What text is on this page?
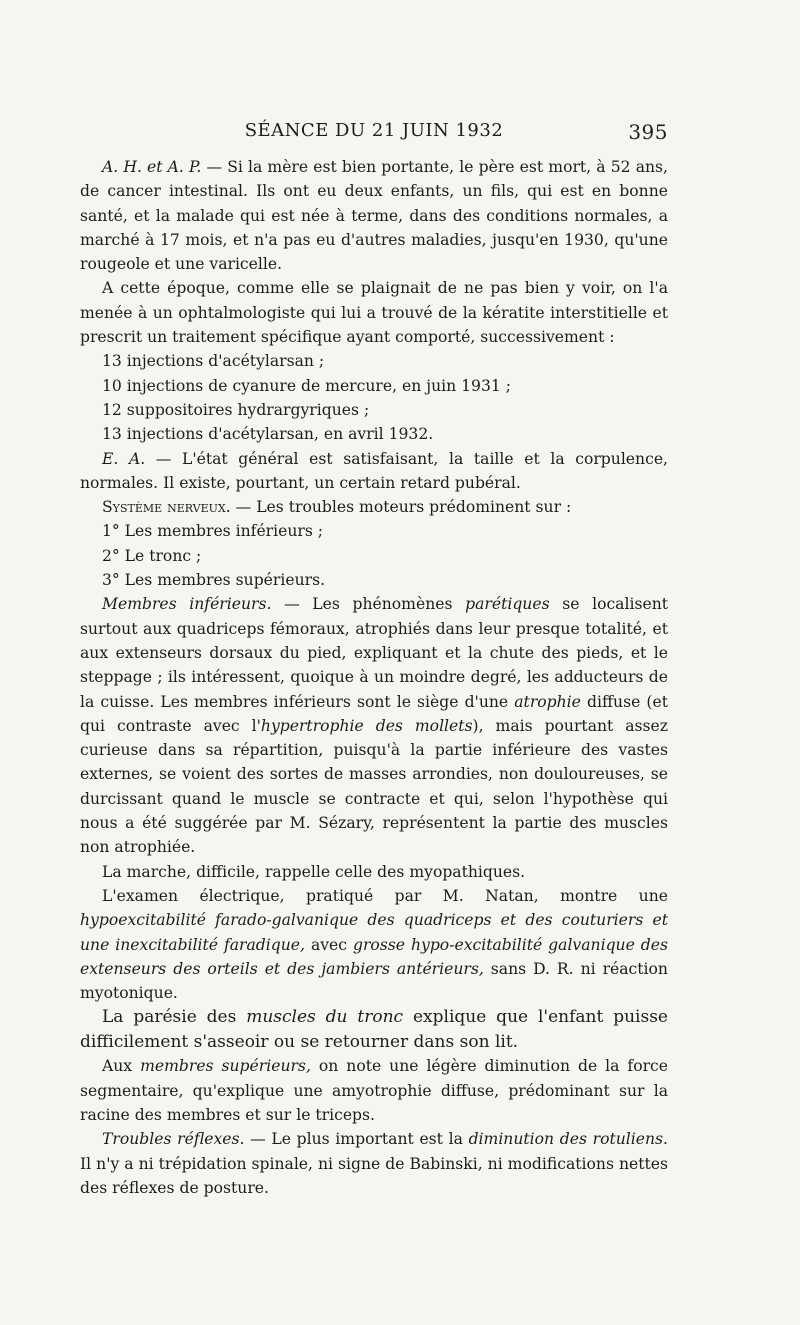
SÉANCE DU 21 JUIN 1932	395

A. H. et A. P. — Si la mère est bien portante, le père est mort, à 52 ans, de cancer intestinal. Ils ont eu deux enfants, un fils, qui est en bonne santé, et la malade qui est née à terme, dans des conditions normales, a marché à 17 mois, et n'a pas eu d'autres maladies, jusqu'en 1930, qu'une rougeole et une varicelle.

A cette époque, comme elle se plaignait de ne pas bien y voir, on l'a menée à un ophtalmologiste qui lui a trouvé de la kératite interstitielle et prescrit un traitement spécifique ayant comporté, successivement :

13 injections d'acétylarsan ;

10 injections de cyanure de mercure, en juin 1931 ;

12 suppositoires hydrargyriques ;

13 injections d'acétylarsan, en avril 1932.

E. A. — L'état général est satisfaisant, la taille et la corpulence, normales. Il existe, pourtant, un certain retard pubéral.

Système nerveux. — Les troubles moteurs prédominent sur :

1° Les membres inférieurs ;

2° Le tronc ;

3° Les membres supérieurs.

Membres inférieurs. — Les phénomènes parétiques se localisent surtout aux quadriceps fémoraux, atrophiés dans leur presque totalité, et aux extenseurs dorsaux du pied, expliquant et la chute des pieds, et le steppage ; ils intéressent, quoique à un moindre degré, les adducteurs de la cuisse. Les membres inférieurs sont le siège d'une atrophie diffuse (et qui contraste avec l'hypertrophie des mollets), mais pourtant assez curieuse dans sa répartition, puisqu'à la partie inférieure des vastes externes, se voient des sortes de masses arrondies, non douloureuses, se durcissant quand le muscle se contracte et qui, selon l'hypothèse qui nous a été suggérée par M. Sézary, représentent la partie des muscles non atrophiée.

La marche, difficile, rappelle celle des myopathiques.

L'examen électrique, pratiqué par M. Natan, montre une hypoexcitabilité farado-galvanique des quadriceps et des couturiers et une inexcitabilité faradique, avec grosse hypo-excitabilité galvanique des extenseurs des orteils et des jambiers antérieurs, sans D. R. ni réaction myotonique.

La parésie des muscles du tronc explique que l'enfant puisse difficilement s'asseoir ou se retourner dans son lit.

Aux membres supérieurs, on note une légère diminution de la force segmentaire, qu'explique une amyotrophie diffuse, prédominant sur la racine des membres et sur le triceps.

Troubles réflexes. — Le plus important est la diminution des rotuliens. Il n'y a ni trépidation spinale, ni signe de Babinski, ni modifications nettes des réflexes de posture.
